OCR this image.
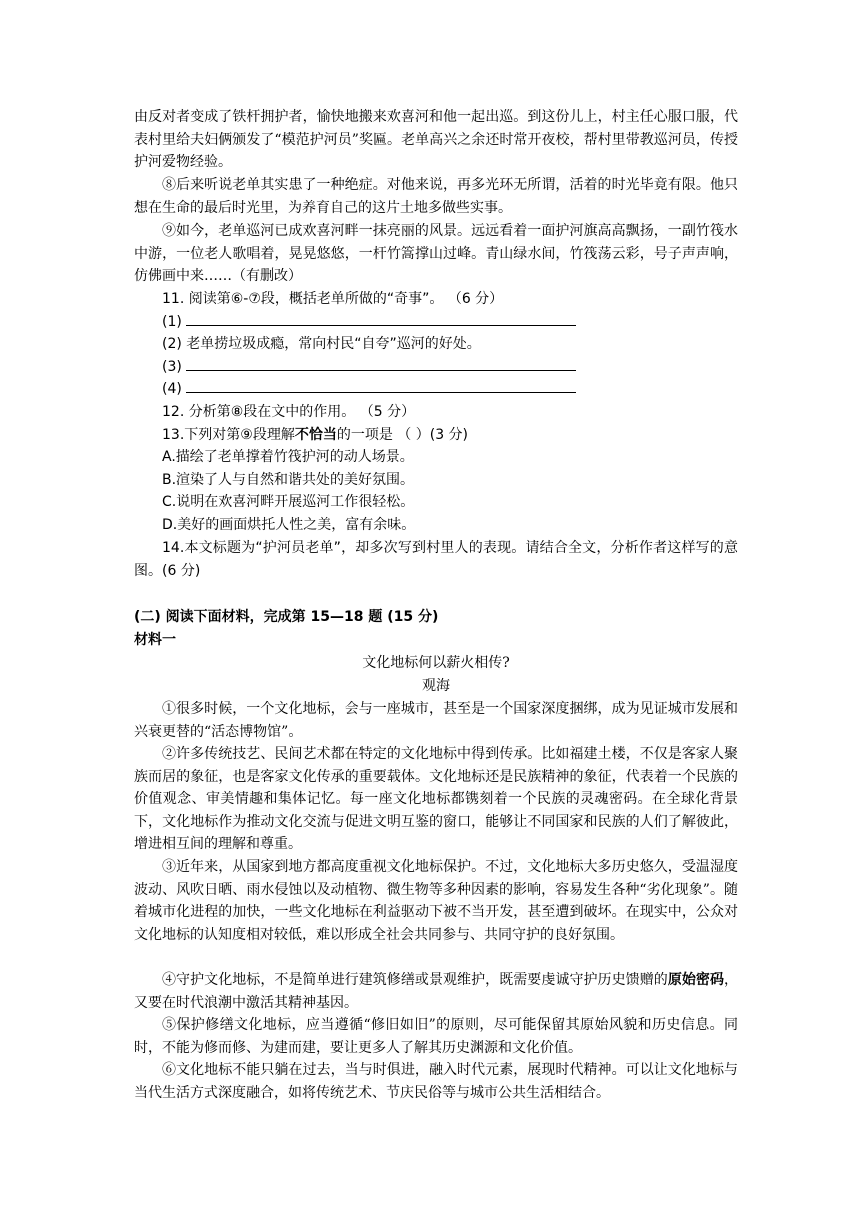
由反对者变成了铁杆拥护者，愉快地搬来欢喜河和他一起出巡。到这份儿上，村主任心服口服，代表村里给夫妇俩颁发了“模范护河员”奖匾。老单高兴之余还时常开夜校，帮村里带教巡河员，传授护河爱物经验。

⑧后来听说老单其实患了一种绝症。对他来说，再多光环无所谓，活着的时光毕竟有限。他只想在生命的最后时光里，为养育自己的这片土地多做些实事。

⑨如今，老单巡河已成欢喜河畔一抹亮丽的风景。远远看着一面护河旗高高飘扬，一副竹筏水中游，一位老人歌唱着，晃晃悠悠，一杆竹篙撑山过峰。青山绿水间，竹筏荡云彩，号子声声响，仿佛画中来……（有删改）

11. 阅读第⑥-⑦段，概括老单所做的“奇事”。 （6 分）

(1)

(2) 老单捞垃圾成瘾，常向村民“自夸”巡河的好处。

(3)

(4)

12. 分析第⑧段在文中的作用。 （5 分）

13.下列对第⑨段理解不恰当的一项是 （ ）(3 分)

A.描绘了老单撑着竹筏护河的动人场景。

B.渲染了人与自然和谐共处的美好氛围。

C.说明在欢喜河畔开展巡河工作很轻松。

D.美好的画面烘托人性之美，富有余味。

14.本文标题为“护河员老单”，却多次写到村里人的表现。请结合全文，分析作者这样写的意图。(6 分)

(二) 阅读下面材料，完成第 15—18 题 (15 分)

材料一

文化地标何以薪火相传?

观海

①很多时候，一个文化地标，会与一座城市，甚至是一个国家深度捆绑，成为见证城市发展和兴衰更替的“活态博物馆”。

②许多传统技艺、民间艺术都在特定的文化地标中得到传承。比如福建土楼，不仅是客家人聚族而居的象征，也是客家文化传承的重要载体。文化地标还是民族精神的象征，代表着一个民族的价值观念、审美情趣和集体记忆。每一座文化地标都镌刻着一个民族的灵魂密码。在全球化背景下，文化地标作为推动文化交流与促进文明互鉴的窗口，能够让不同国家和民族的人们了解彼此，增进相互间的理解和尊重。

③近年来，从国家到地方都高度重视文化地标保护。不过，文化地标大多历史悠久，受温湿度波动、风吹日晒、雨水侵蚀以及动植物、微生物等多种因素的影响，容易发生各种“劣化现象”。随着城市化进程的加快，一些文化地标在利益驱动下被不当开发，甚至遭到破坏。在现实中，公众对文化地标的认知度相对较低，难以形成全社会共同参与、共同守护的良好氛围。

④守护文化地标，不是简单进行建筑修缮或景观维护，既需要虔诚守护历史馈赠的原始密码，又要在时代浪潮中激活其精神基因。

⑤保护修缮文化地标，应当遵循“修旧如旧”的原则，尽可能保留其原始风貌和历史信息。同时，不能为修而修、为建而建，要让更多人了解其历史渊源和文化价值。

⑥文化地标不能只躺在过去，当与时俱进，融入时代元素，展现时代精神。可以让文化地标与当代生活方式深度融合，如将传统艺术、节庆民俗等与城市公共生活相结合。
